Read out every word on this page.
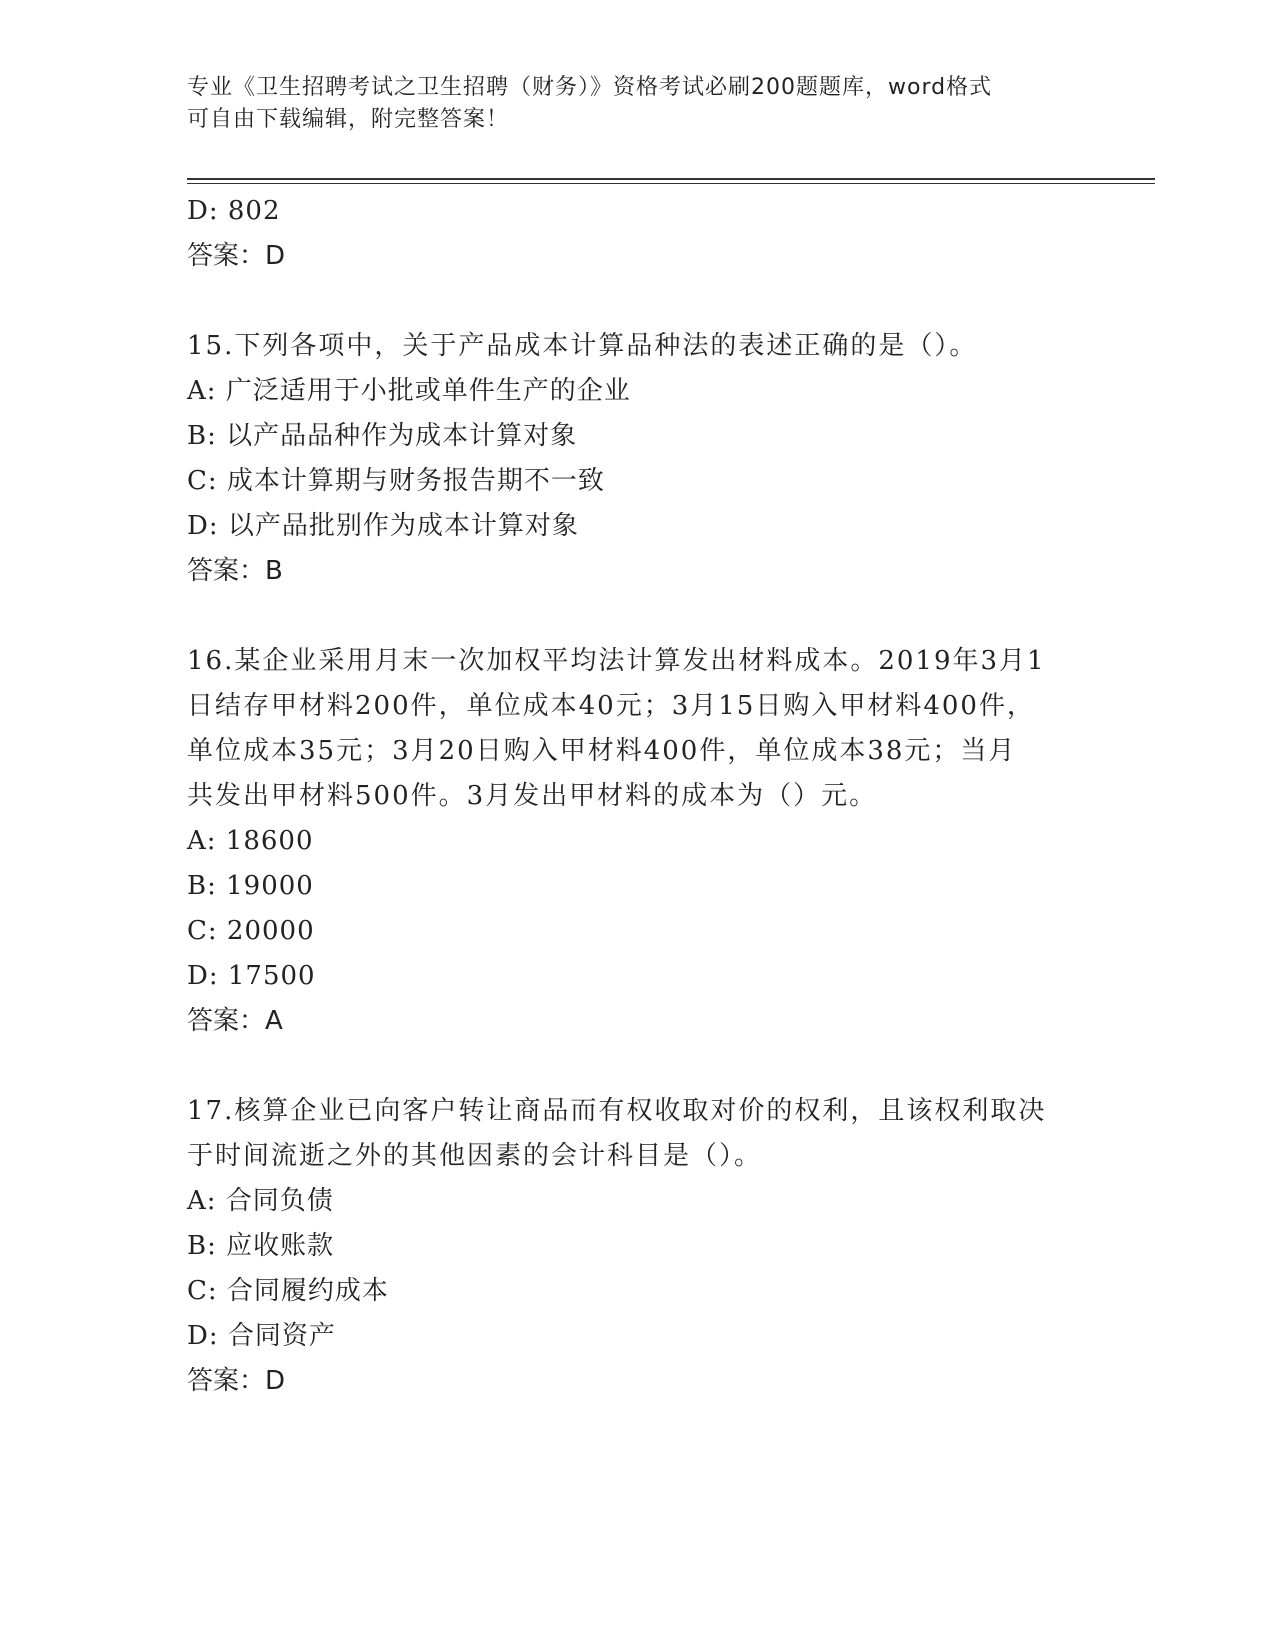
专业《卫生招聘考试之卫生招聘（财务）》资格考试必刷200题题库，word格式
可自由下载编辑，附完整答案！
D: 802
答案：D
15.下列各项中，关于产品成本计算品种法的表述正确的是（）。
A: 广泛适用于小批或单件生产的企业
B: 以产品品种作为成本计算对象
C: 成本计算期与财务报告期不一致
D: 以产品批别作为成本计算对象
答案：B
16.某企业采用月末一次加权平均法计算发出材料成本。2019年3月1
日结存甲材料200件，单位成本40元；3月15日购入甲材料400件，
单位成本35元；3月20日购入甲材料400件，单位成本38元；当月
共发出甲材料500件。3月发出甲材料的成本为（）元。
A: 18600
B: 19000
C: 20000
D: 17500
答案：A
17.核算企业已向客户转让商品而有权收取对价的权利，且该权利取决
于时间流逝之外的其他因素的会计科目是（）。
A: 合同负债
B: 应收账款
C: 合同履约成本
D: 合同资产
答案：D
